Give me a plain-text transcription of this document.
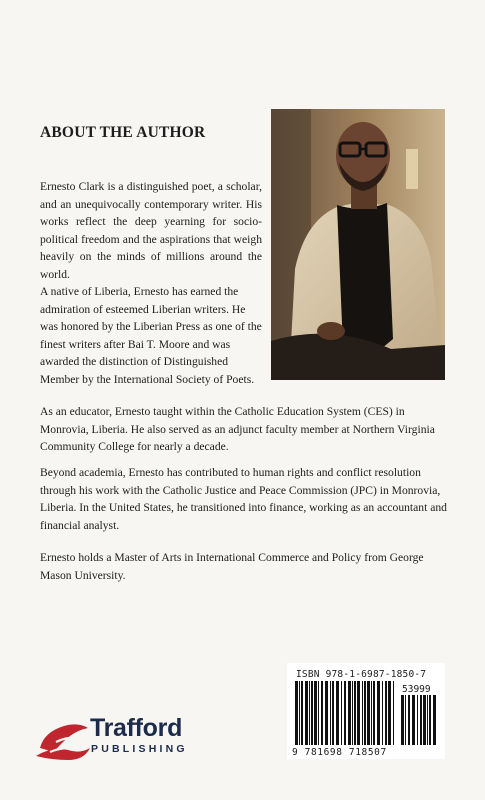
ABOUT THE AUTHOR

Ernesto Clark is a distinguished poet, a scholar, and an unequivocally contemporary writer. His works reflect the deep yearning for socio-political freedom and the aspirations that weigh heavily on the minds of millions around the world.

A native of Liberia, Ernesto has earned the admiration of esteemed Liberian writers. He was honored by the Liberian Press as one of the finest writers after Bai T. Moore and was awarded the distinction of Distinguished Member by the International Society of Poets.

As an educator, Ernesto taught within the Catholic Education System (CES) in Monrovia, Liberia. He also served as an adjunct faculty member at Northern Virginia Community College for nearly a decade.

Beyond academia, Ernesto has contributed to human rights and conflict resolution through his work with the Catholic Justice and Peace Commission (JPC) in Monrovia, Liberia. In the United States, he transitioned into finance, working as an accountant and financial analyst.

Ernesto holds a Master of Arts in International Commerce and Policy from George Mason University.

Trafford
PUBLISHING
ISBN 978-1-6987-1850-7
53999
9 781698 718507
